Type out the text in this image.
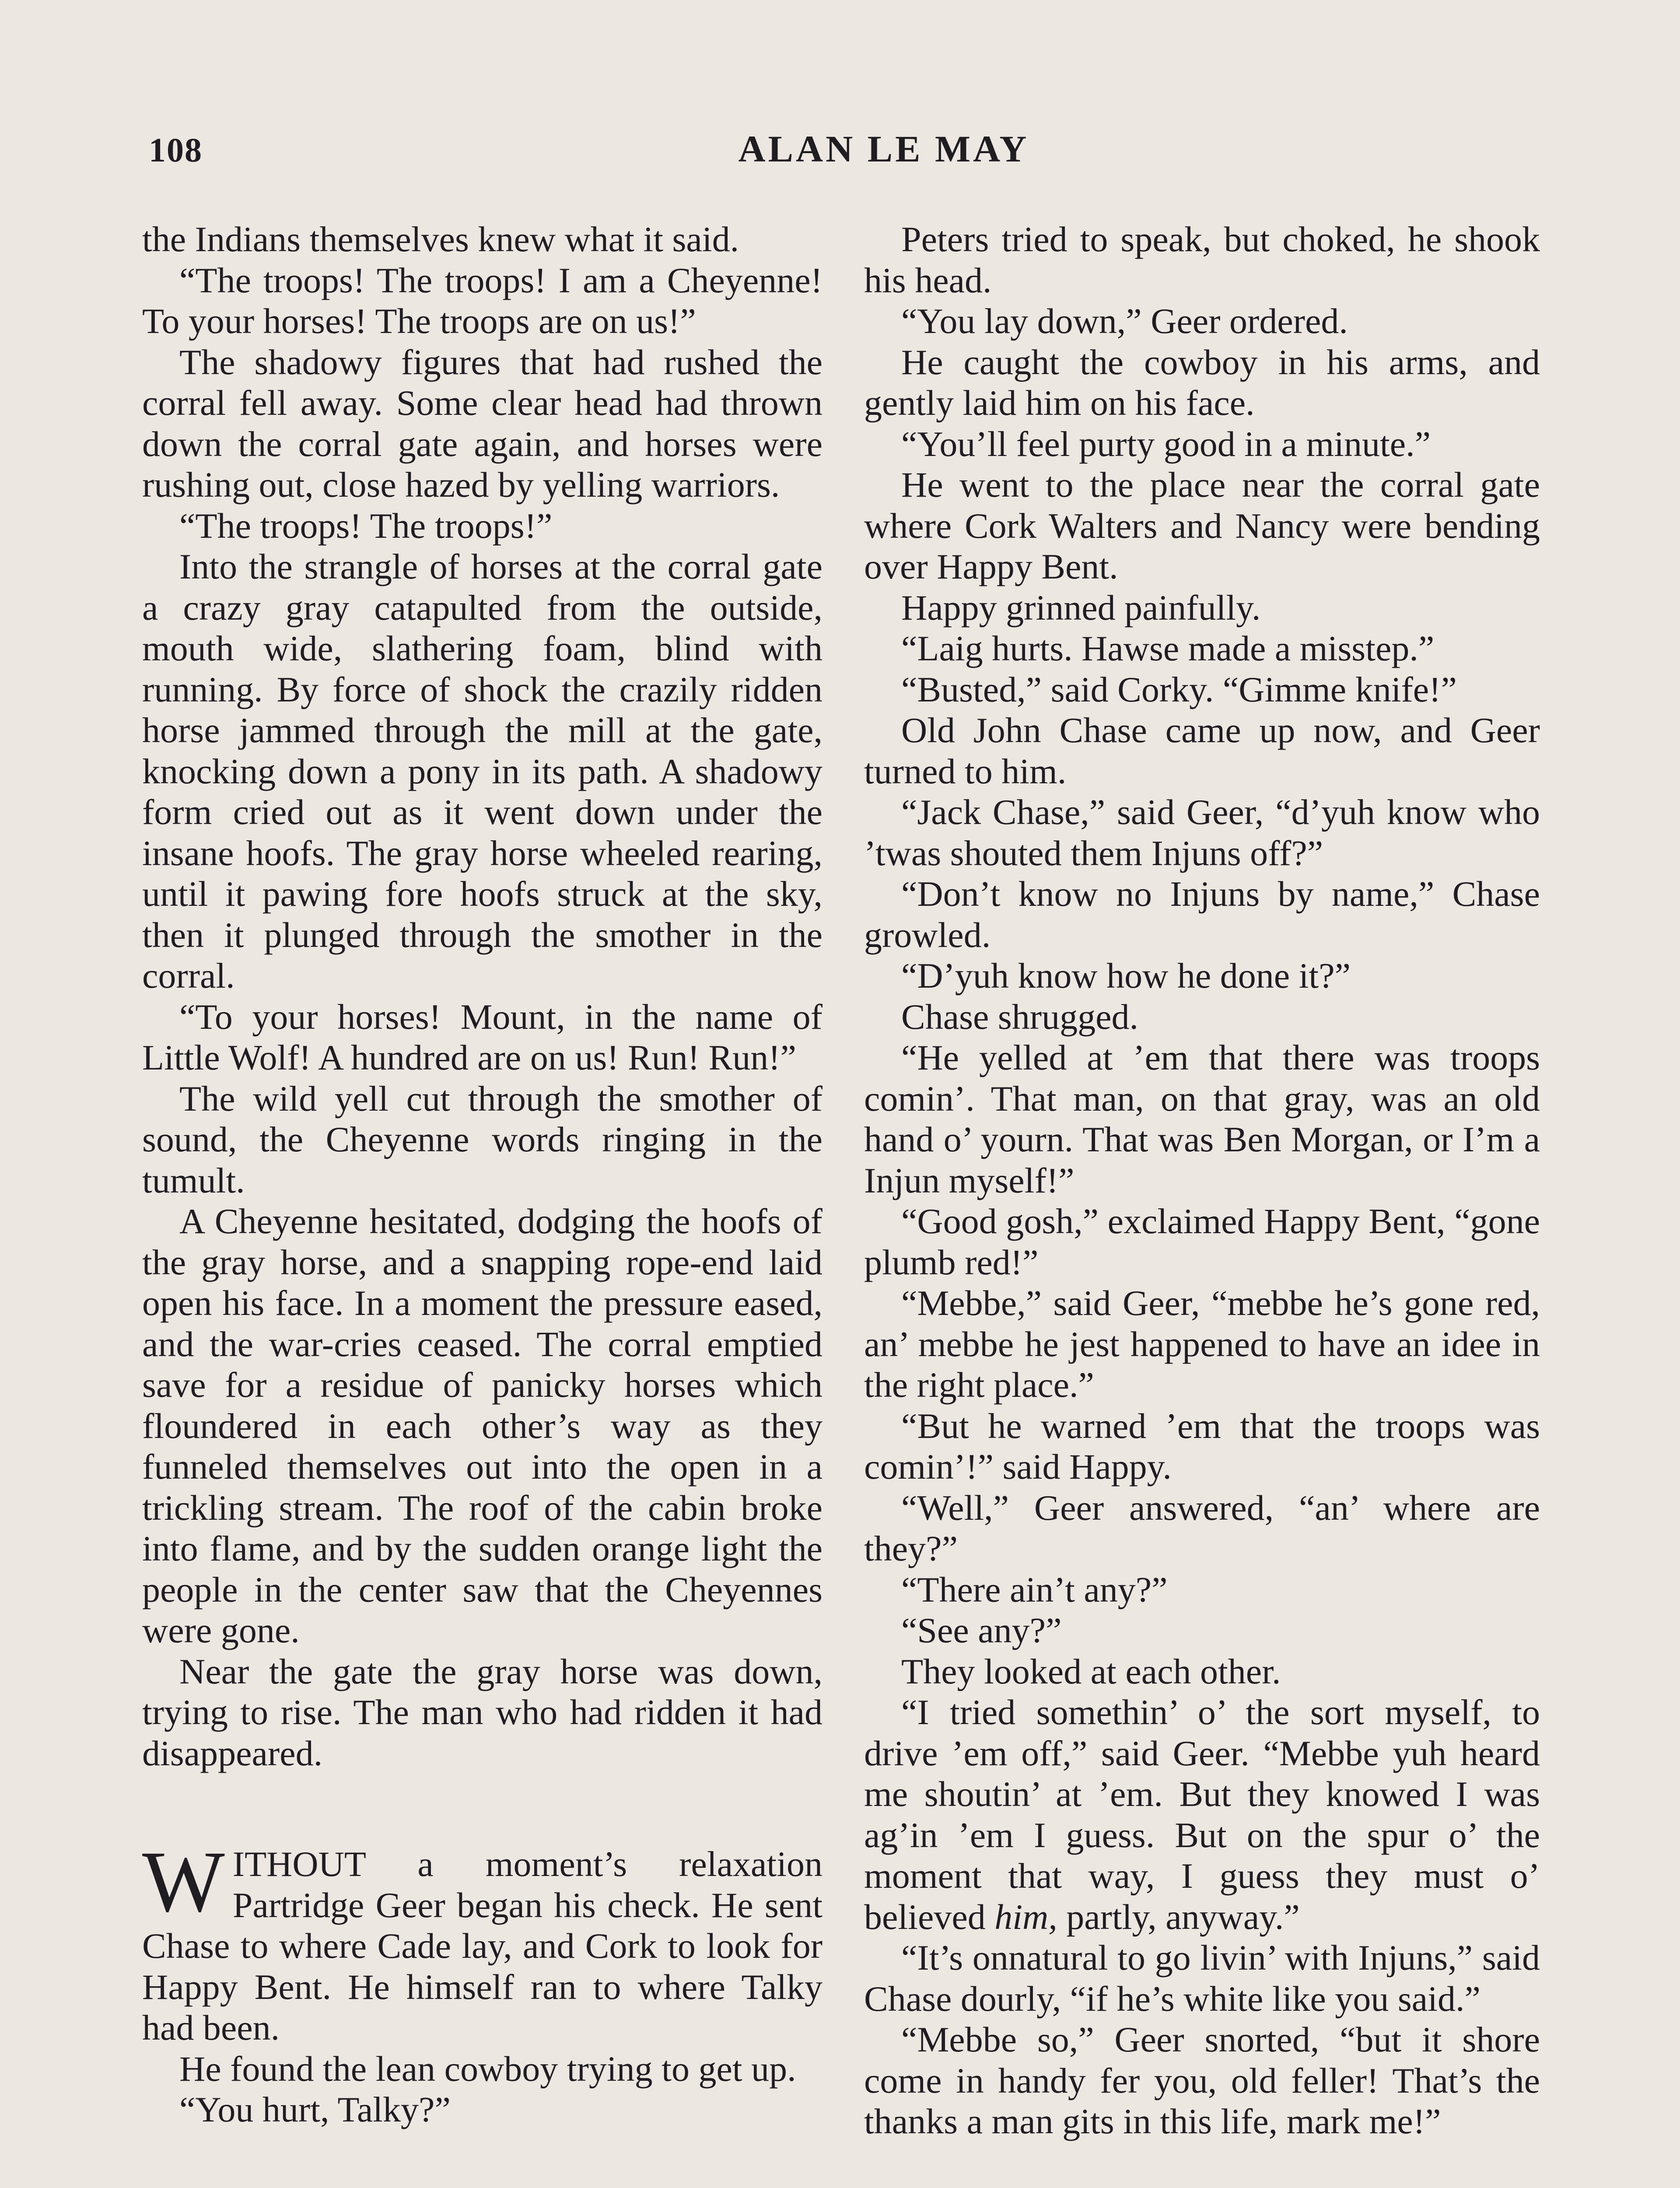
108	ALAN LE MAY

the Indians themselves knew what it said.

“The troops! The troops! I am a Cheyenne! To your horses! The troops are on us!”

The shadowy figures that had rushed the corral fell away. Some clear head had thrown down the corral gate again, and horses were rushing out, close hazed by yelling warriors.

“The troops! The troops!”

Into the strangle of horses at the corral gate a crazy gray catapulted from the outside, mouth wide, slathering foam, blind with running. By force of shock the crazily ridden horse jammed through the mill at the gate, knocking down a pony in its path. A shadowy form cried out as it went down under the insane hoofs. The gray horse wheeled rearing, until it pawing fore hoofs struck at the sky, then it plunged through the smother in the corral.

“To your horses! Mount, in the name of Little Wolf! A hundred are on us! Run! Run!”

The wild yell cut through the smother of sound, the Cheyenne words ringing in the tumult.

A Cheyenne hesitated, dodging the hoofs of the gray horse, and a snapping rope-end laid open his face. In a moment the pressure eased, and the war-cries ceased. The corral emptied save for a residue of panicky horses which floundered in each other’s way as they funneled themselves out into the open in a trickling stream. The roof of the cabin broke into flame, and by the sudden orange light the people in the center saw that the Cheyennes were gone.

Near the gate the gray horse was down, trying to rise. The man who had ridden it had disappeared.

WITHOUT a moment’s relaxation Partridge Geer began his check. He sent Chase to where Cade lay, and Cork to look for Happy Bent. He himself ran to where Talky had been.

He found the lean cowboy trying to get up.

“You hurt, Talky?”

Peters tried to speak, but choked, he shook his head.

“You lay down,” Geer ordered.

He caught the cowboy in his arms, and gently laid him on his face.

“You’ll feel purty good in a minute.”

He went to the place near the corral gate where Cork Walters and Nancy were bending over Happy Bent.

Happy grinned painfully.

“Laig hurts. Hawse made a misstep.”

“Busted,” said Corky. “Gimme knife!”

Old John Chase came up now, and Geer turned to him.

“Jack Chase,” said Geer, “d’yuh know who ’twas shouted them Injuns off?”

“Don’t know no Injuns by name,” Chase growled.

“D’yuh know how he done it?”

Chase shrugged.

“He yelled at ’em that there was troops comin’. That man, on that gray, was an old hand o’ yourn. That was Ben Morgan, or I’m a Injun myself!”

“Good gosh,” exclaimed Happy Bent, “gone plumb red!”

“Mebbe,” said Geer, “mebbe he’s gone red, an’ mebbe he jest happened to have an idee in the right place.”

“But he warned ’em that the troops was comin’!” said Happy.

“Well,” Geer answered, “an’ where are they?”

“There ain’t any?”

“See any?”

They looked at each other.

“I tried somethin’ o’ the sort myself, to drive ’em off,” said Geer. “Mebbe yuh heard me shoutin’ at ’em. But they knowed I was ag’in ’em I guess. But on the spur o’ the moment that way, I guess they must o’ believed him, partly, anyway.”

“It’s onnatural to go livin’ with Injuns,” said Chase dourly, “if he’s white like you said.”

“Mebbe so,” Geer snorted, “but it shore come in handy fer you, old feller! That’s the thanks a man gits in this life, mark me!”
